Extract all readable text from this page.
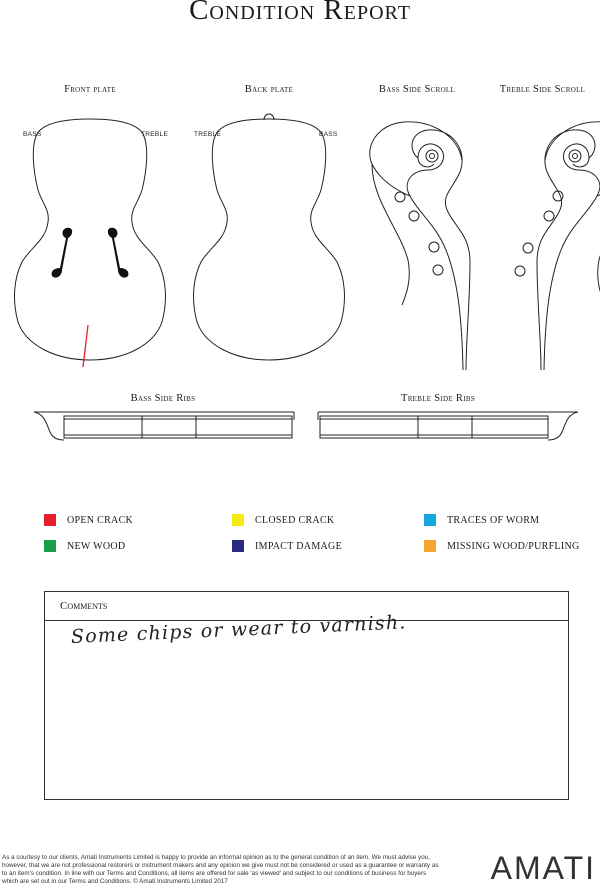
Condition Report
Front plate	Back plate	Bass Side Scroll	Treble Side Scroll
Bass Side Ribs	Treble Side Ribs
BASS	TREBLE	TREBLE	BASS
OPEN CRACK	CLOSED CRACK	TRACES OF WORM
NEW WOOD	IMPACT DAMAGE	MISSING WOOD/PURFLING
Comments
Some chips or wear to varnish.
As a courtesy to our clients, Amati Instruments Limited is happy to provide an informal opinion as to the general condition of an item. We must advise you, however, that we are not professional restorers or instrument makers and any opinion we give must not be considered or used as a guarantee or warranty as to an item's condition. In line with our Terms and Conditions, all items are offered for sale 'as viewed' and subject to our conditions of business for buyers which are set out in our Terms and Conditions. © Amati Instruments Limited 2017	AMATI
